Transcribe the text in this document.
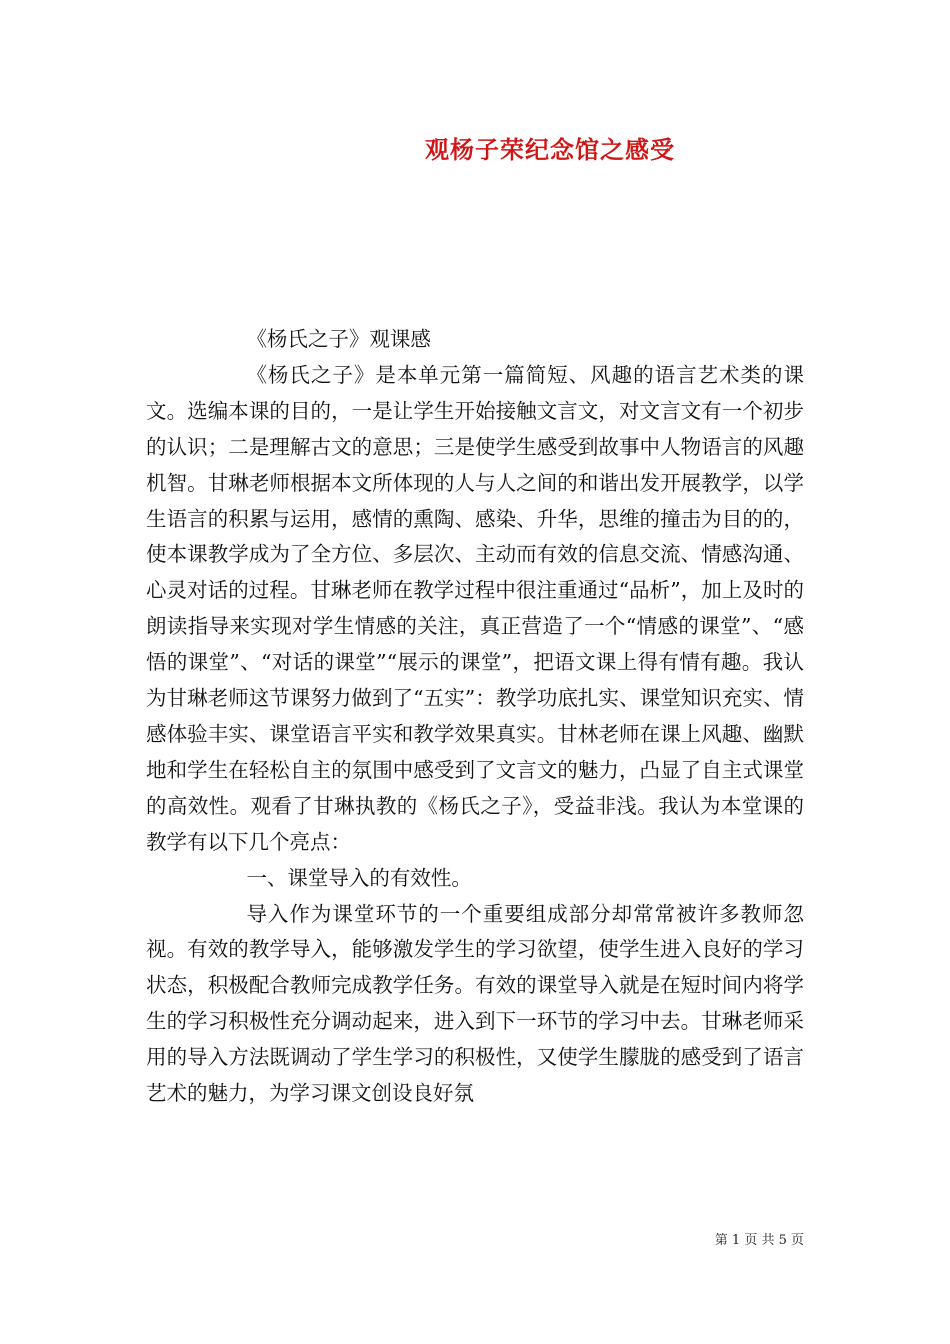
观杨子荣纪念馆之感受

《杨氏之子》观课感

《杨氏之子》是本单元第一篇简短、风趣的语言艺术类的课文。选编本课的目的，一是让学生开始接触文言文，对文言文有一个初步的认识；二是理解古文的意思；三是使学生感受到故事中人物语言的风趣机智。甘琳老师根据本文所体现的人与人之间的和谐出发开展教学，以学生语言的积累与运用，感情的熏陶、感染、升华，思维的撞击为目的的，使本课教学成为了全方位、多层次、主动而有效的信息交流、情感沟通、心灵对话的过程。甘琳老师在教学过程中很注重通过“品析”，加上及时的朗读指导来实现对学生情感的关注，真正营造了一个“情感的课堂”、“感悟的课堂”、“对话的课堂”“展示的课堂”，把语文课上得有情有趣。我认为甘琳老师这节课努力做到了“五实”：教学功底扎实、课堂知识充实、情感体验丰实、课堂语言平实和教学效果真实。甘林老师在课上风趣、幽默地和学生在轻松自主的氛围中感受到了文言文的魅力，凸显了自主式课堂的高效性。观看了甘琳执教的《杨氏之子》，受益非浅。我认为本堂课的教学有以下几个亮点：

一、课堂导入的有效性。

导入作为课堂环节的一个重要组成部分却常常被许多教师忽视。有效的教学导入，能够激发学生的学习欲望，使学生进入良好的学习状态，积极配合教师完成教学任务。有效的课堂导入就是在短时间内将学生的学习积极性充分调动起来，进入到下一环节的学习中去。甘琳老师采用的导入方法既调动了学生学习的积极性，又使学生朦胧的感受到了语言艺术的魅力，为学习课文创设良好氛

第 1 页 共 5 页
